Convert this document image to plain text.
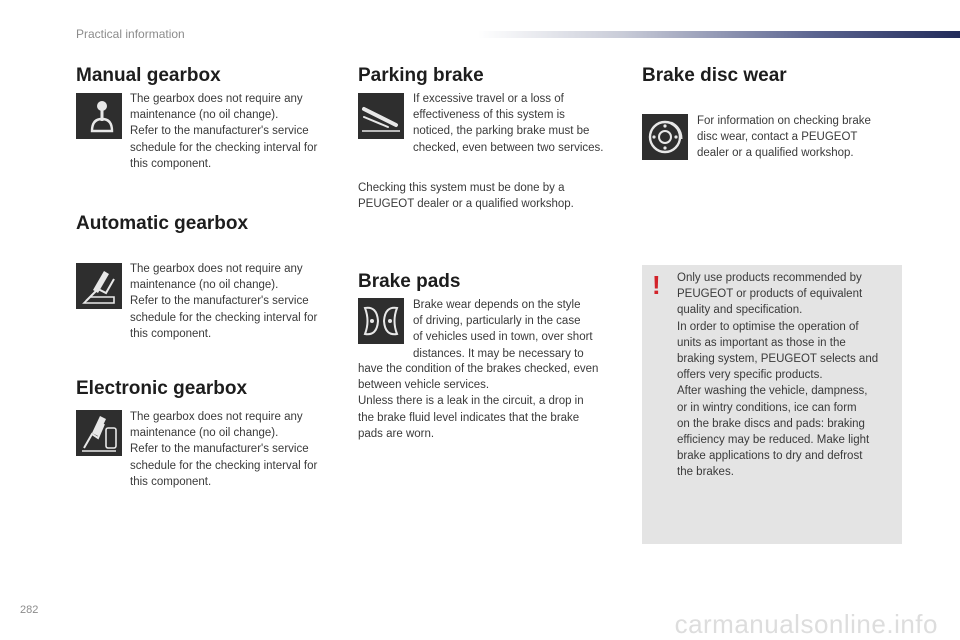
Practical information
Manual gearbox
The gearbox does not require any
maintenance (no oil change).
Refer to the manufacturer's service
schedule for the checking interval for
this component.
Automatic gearbox
The gearbox does not require any
maintenance (no oil change).
Refer to the manufacturer's service
schedule for the checking interval for
this component.
Electronic gearbox
The gearbox does not require any
maintenance (no oil change).
Refer to the manufacturer's service
schedule for the checking interval for
this component.
Parking brake
If excessive travel or a loss of
effectiveness of this system is
noticed, the parking brake must be
checked, even between two services.
Checking this system must be done by a
PEUGEOT dealer or a qualified workshop.
Brake pads
Brake wear depends on the style
of driving, particularly in the case
of vehicles used in town, over short
distances. It may be necessary to
have the condition of the brakes checked, even
between vehicle services.
Unless there is a leak in the circuit, a drop in
the brake fluid level indicates that the brake
pads are worn.
Brake disc wear
For information on checking brake
disc wear, contact a PEUGEOT
dealer or a qualified workshop.
! Only use products recommended by
PEUGEOT or products of equivalent
quality and specification.
In order to optimise the operation of
units as important as those in the
braking system, PEUGEOT selects and
offers very specific products.
After washing the vehicle, dampness,
or in wintry conditions, ice can form
on the brake discs and pads: braking
efficiency may be reduced. Make light
brake applications to dry and defrost
the brakes.
282	carmanualsonline.info
